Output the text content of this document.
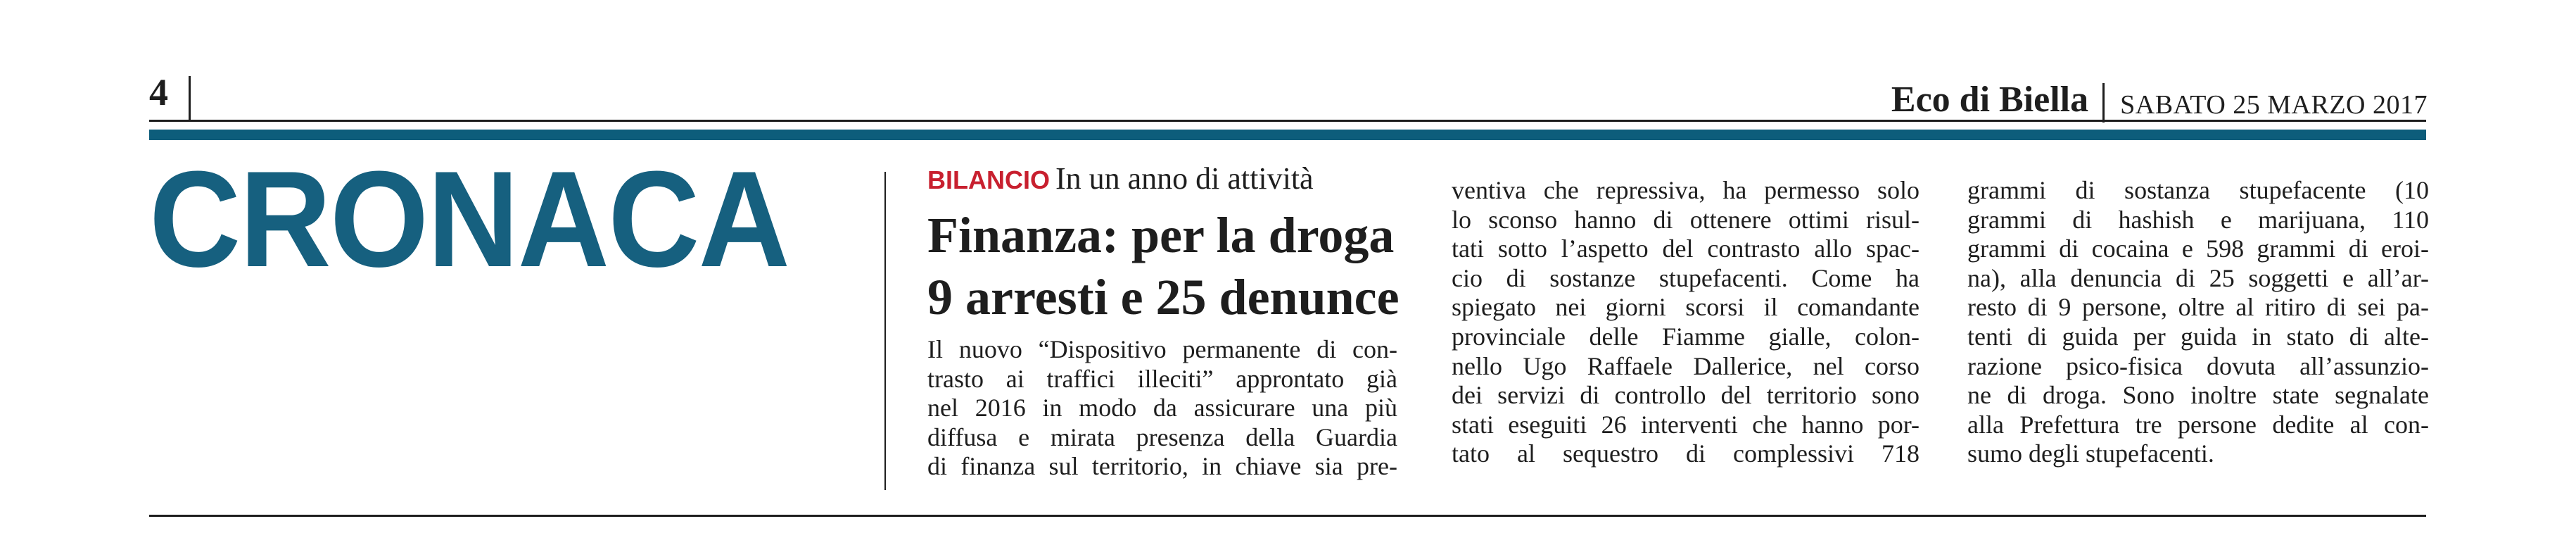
4	Eco di Biella SABATO 25 MARZO 2017
CRONACA	BILANCIO In un anno di attività
Finanza: per la droga
9 arresti e 25 denunce
Il nuovo “Dispositivo permanente di con-
trasto ai traffici illeciti” approntato già
nel 2016 in modo da assicurare una più
diffusa e mirata presenza della Guardia
di finanza sul territorio, in chiave sia pre-
ventiva che repressiva, ha permesso solo
lo sconso hanno di ottenere ottimi risul-
tati sotto l’aspetto del contrasto allo spac-
cio di sostanze stupefacenti. Come ha
spiegato nei giorni scorsi il comandante
provinciale delle Fiamme gialle, colon-
nello Ugo Raffaele Dallerice, nel corso
dei servizi di controllo del territorio sono
stati eseguiti 26 interventi che hanno por-
tato al sequestro di complessivi 718
grammi di sostanza stupefacente (10
grammi di hashish e marijuana, 110
grammi di cocaina e 598 grammi di eroi-
na), alla denuncia di 25 soggetti e all’ar-
resto di 9 persone, oltre al ritiro di sei pa-
tenti di guida per guida in stato di alte-
razione psico-fisica dovuta all’assunzio-
ne di droga. Sono inoltre state segnalate
alla Prefettura tre persone dedite al con-
sumo degli stupefacenti.
